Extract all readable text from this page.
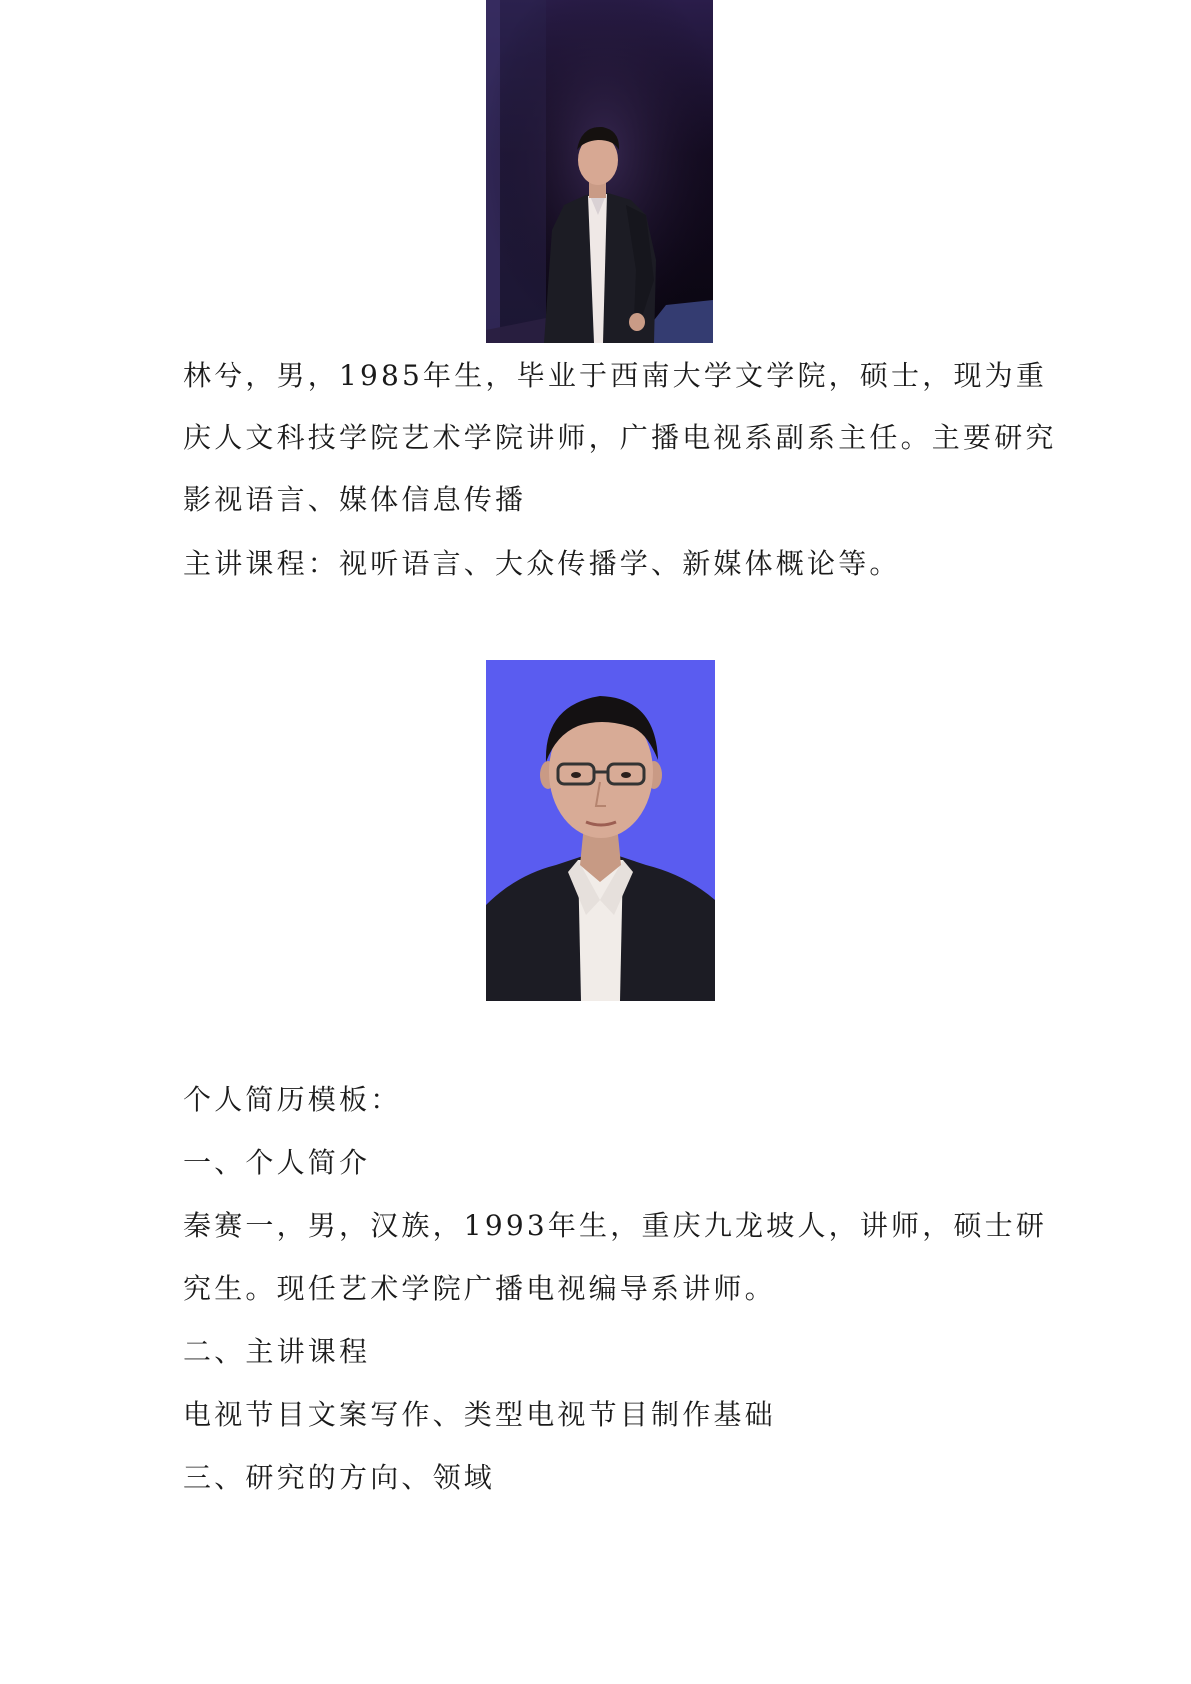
林兮，男，1985年生，毕业于西南大学文学院，硕士，现为重
庆人文科技学院艺术学院讲师，广播电视系副系主任。主要研究
影视语言、媒体信息传播
主讲课程：视听语言、大众传播学、新媒体概论等。
个人简历模板：
一、个人简介
秦赛一，男，汉族，1993年生，重庆九龙坡人，讲师，硕士研
究生。现任艺术学院广播电视编导系讲师。
二、主讲课程
电视节目文案写作、类型电视节目制作基础
三、研究的方向、领域
